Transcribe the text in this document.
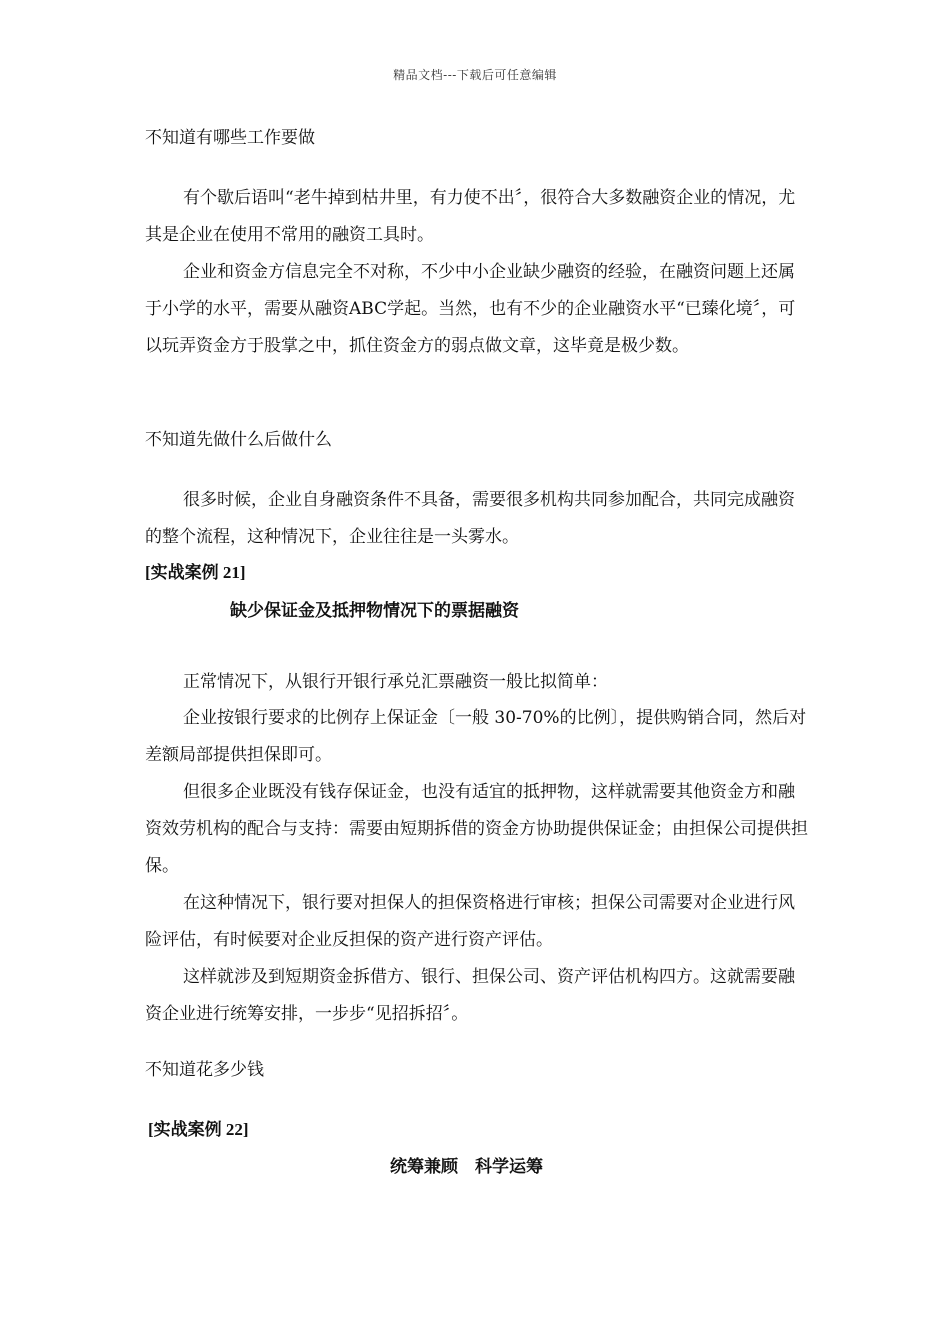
精品文档---下载后可任意编辑

不知道有哪些工作要做

有个歇后语叫“老牛掉到枯井里，有力使不出〞，很符合大多数融资企业的情况，尤其是企业在使用不常用的融资工具时。

企业和资金方信息完全不对称，不少中小企业缺少融资的经验，在融资问题上还属于小学的水平，需要从融资ABC学起。当然，也有不少的企业融资水平“已臻化境〞，可以玩弄资金方于股掌之中，抓住资金方的弱点做文章，这毕竟是极少数。

不知道先做什么后做什么

很多时候，企业自身融资条件不具备，需要很多机构共同参加配合，共同完成融资的整个流程，这种情况下，企业往往是一头雾水。

[实战案例 21]
缺少保证金及抵押物情况下的票据融资

正常情况下，从银行开银行承兑汇票融资一般比拟简单：

企业按银行要求的比例存上保证金〔一般 30-70%的比例〕，提供购销合同，然后对差额局部提供担保即可。

但很多企业既没有钱存保证金，也没有适宜的抵押物，这样就需要其他资金方和融资效劳机构的配合与支持：需要由短期拆借的资金方协助提供保证金；由担保公司提供担保。

在这种情况下，银行要对担保人的担保资格进行审核；担保公司需要对企业进行风险评估，有时候要对企业反担保的资产进行资产评估。

这样就涉及到短期资金拆借方、银行、担保公司、资产评估机构四方。这就需要融资企业进行统筹安排，一步步“见招拆招〞。

不知道花多少钱

[实战案例 22]
统筹兼顾　科学运筹
